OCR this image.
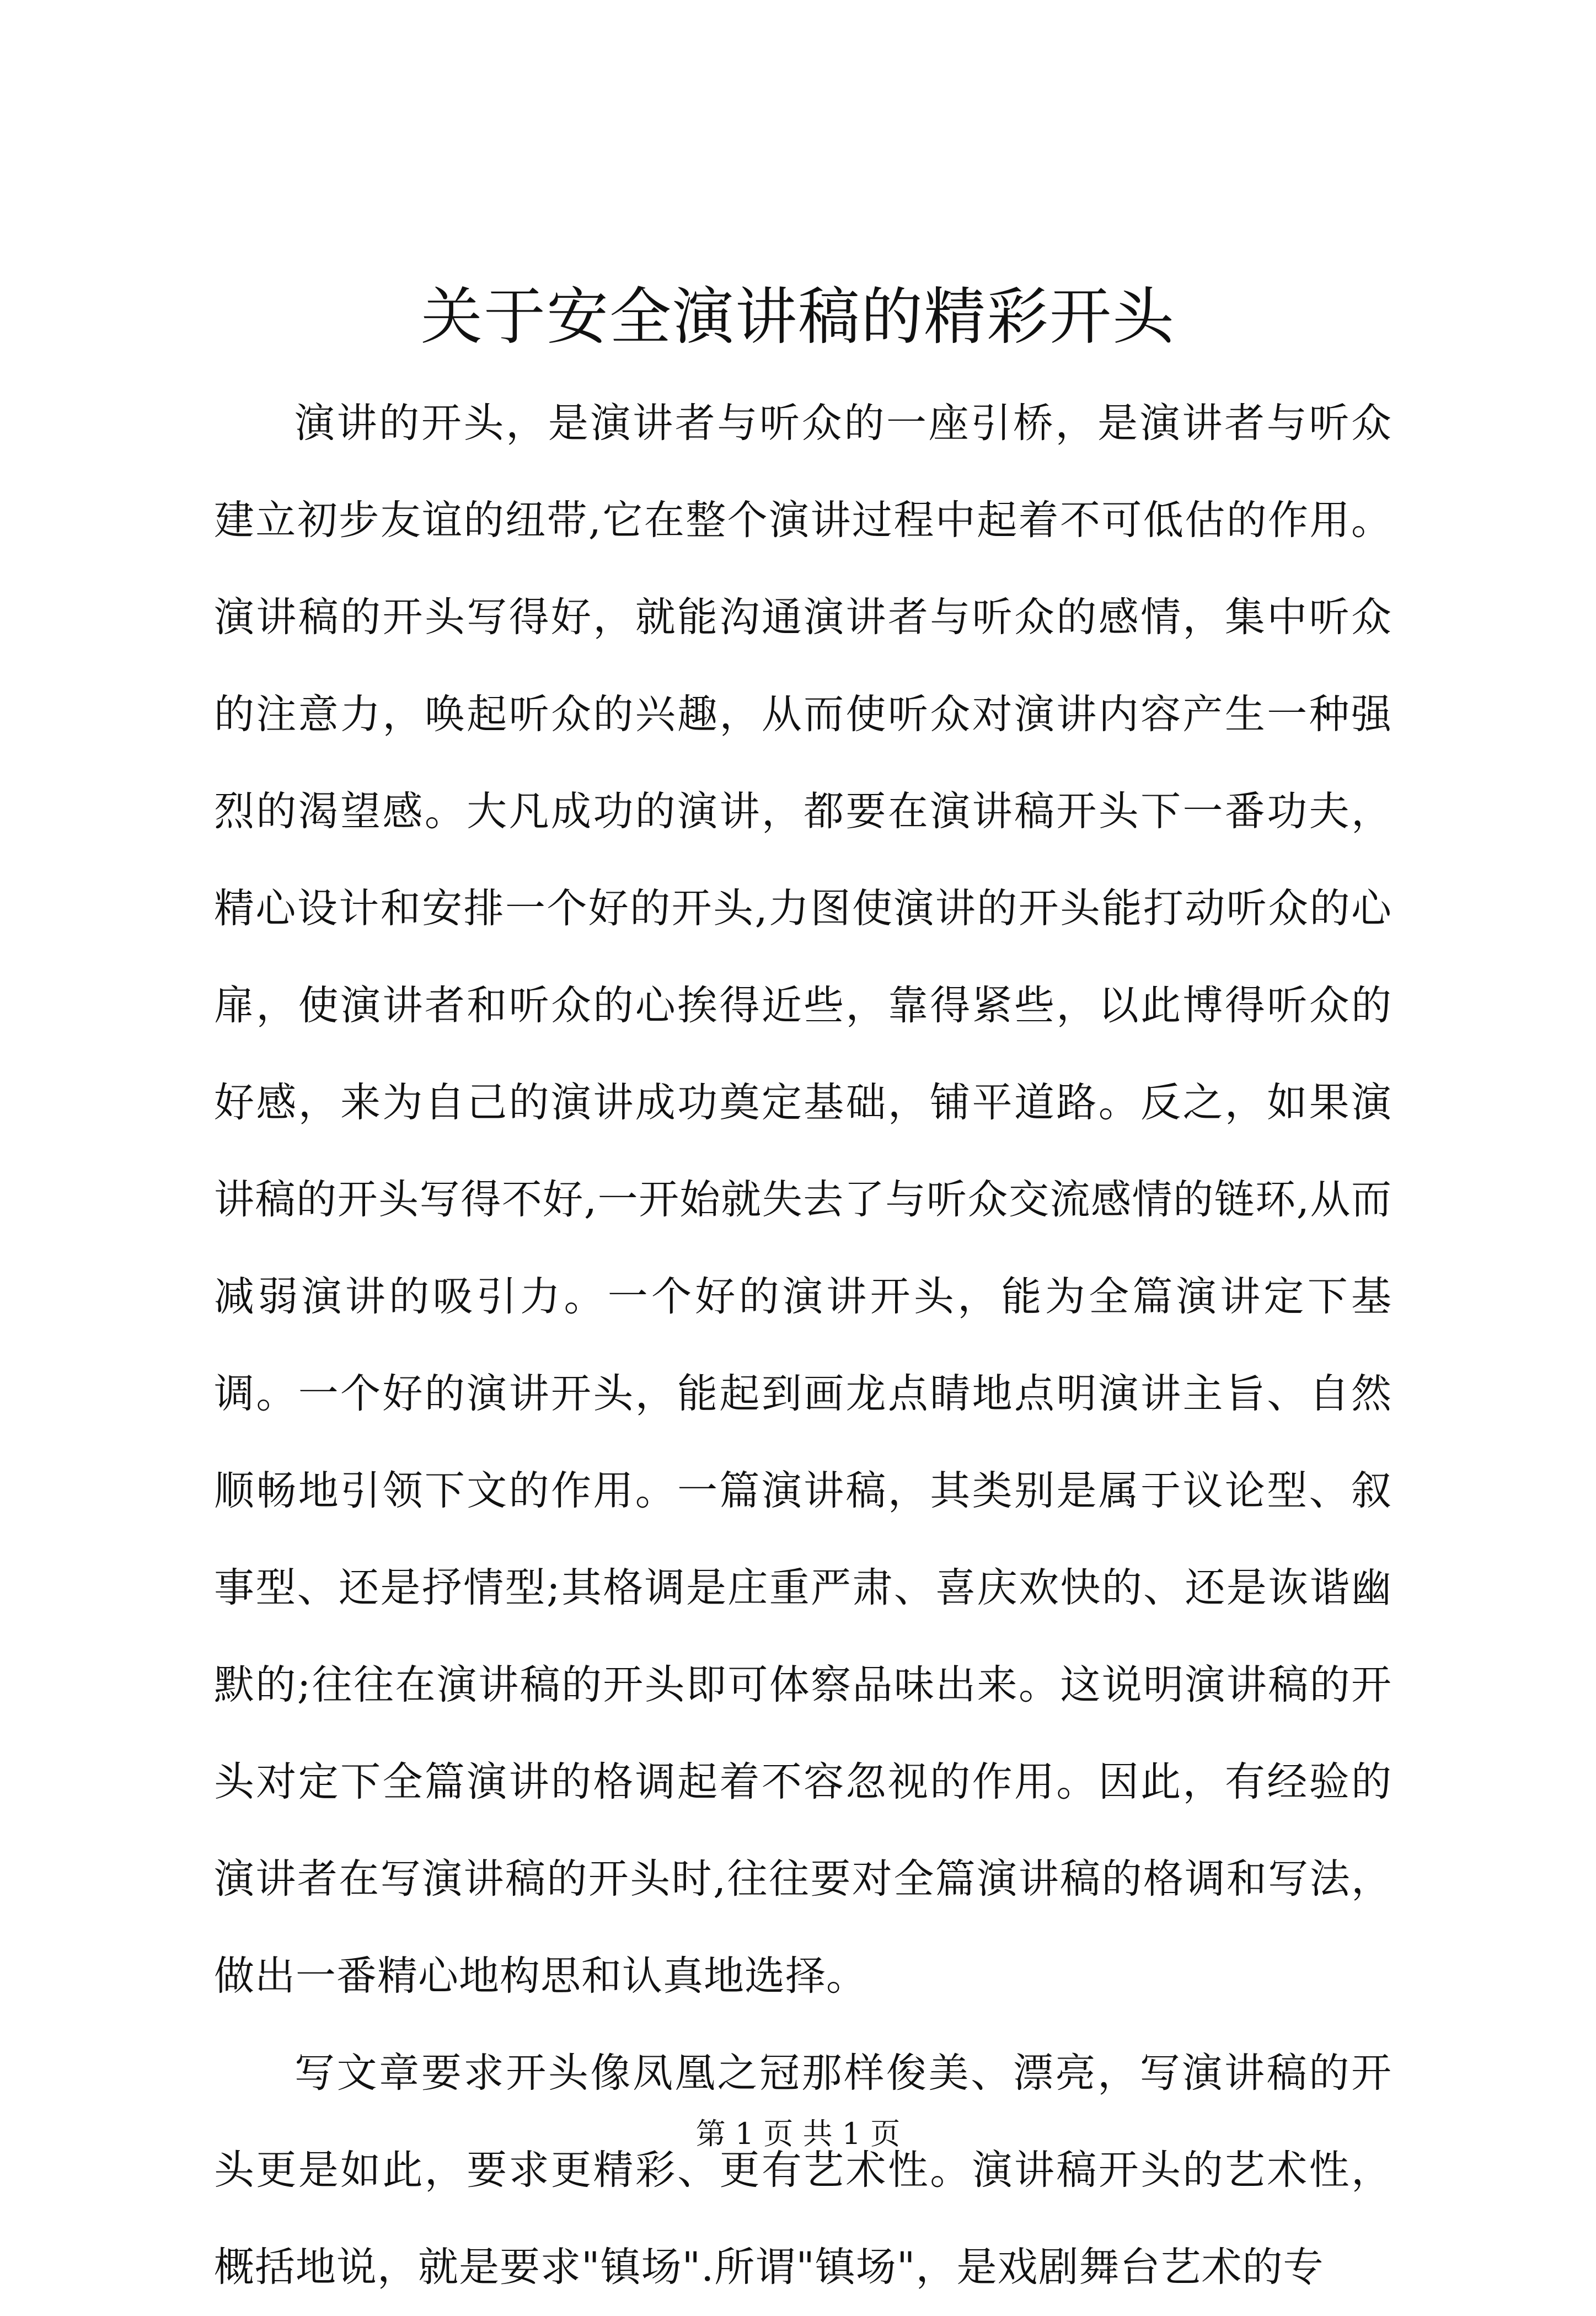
关于安全演讲稿的精彩开头

演讲的开头，是演讲者与听众的一座引桥，是演讲者与听众建立初步友谊的纽带,它在整个演讲过程中起着不可低估的作用。演讲稿的开头写得好，就能沟通演讲者与听众的感情，集中听众的注意力，唤起听众的兴趣，从而使听众对演讲内容产生一种强烈的渴望感。大凡成功的演讲，都要在演讲稿开头下一番功夫，精心设计和安排一个好的开头,力图使演讲的开头能打动听众的心扉，使演讲者和听众的心挨得近些，靠得紧些，以此博得听众的好感，来为自己的演讲成功奠定基础，铺平道路。反之，如果演讲稿的开头写得不好,一开始就失去了与听众交流感情的链环,从而减弱演讲的吸引力。一个好的演讲开头，能为全篇演讲定下基调。一个好的演讲开头，能起到画龙点睛地点明演讲主旨、自然顺畅地引领下文的作用。一篇演讲稿，其类别是属于议论型、叙事型、还是抒情型;其格调是庄重严肃、喜庆欢快的、还是诙谐幽默的;往往在演讲稿的开头即可体察品味出来。这说明演讲稿的开头对定下全篇演讲的格调起着不容忽视的作用。因此，有经验的演讲者在写演讲稿的开头时,往往要对全篇演讲稿的格调和写法，做出一番精心地构思和认真地选择。

写文章要求开头像凤凰之冠那样俊美、漂亮，写演讲稿的开头更是如此，要求更精彩、更有艺术性。演讲稿开头的艺术性，概括地说，就是要求"镇场".所谓"镇场"，是戏剧舞台艺术的专

第 1 页 共 1 页
